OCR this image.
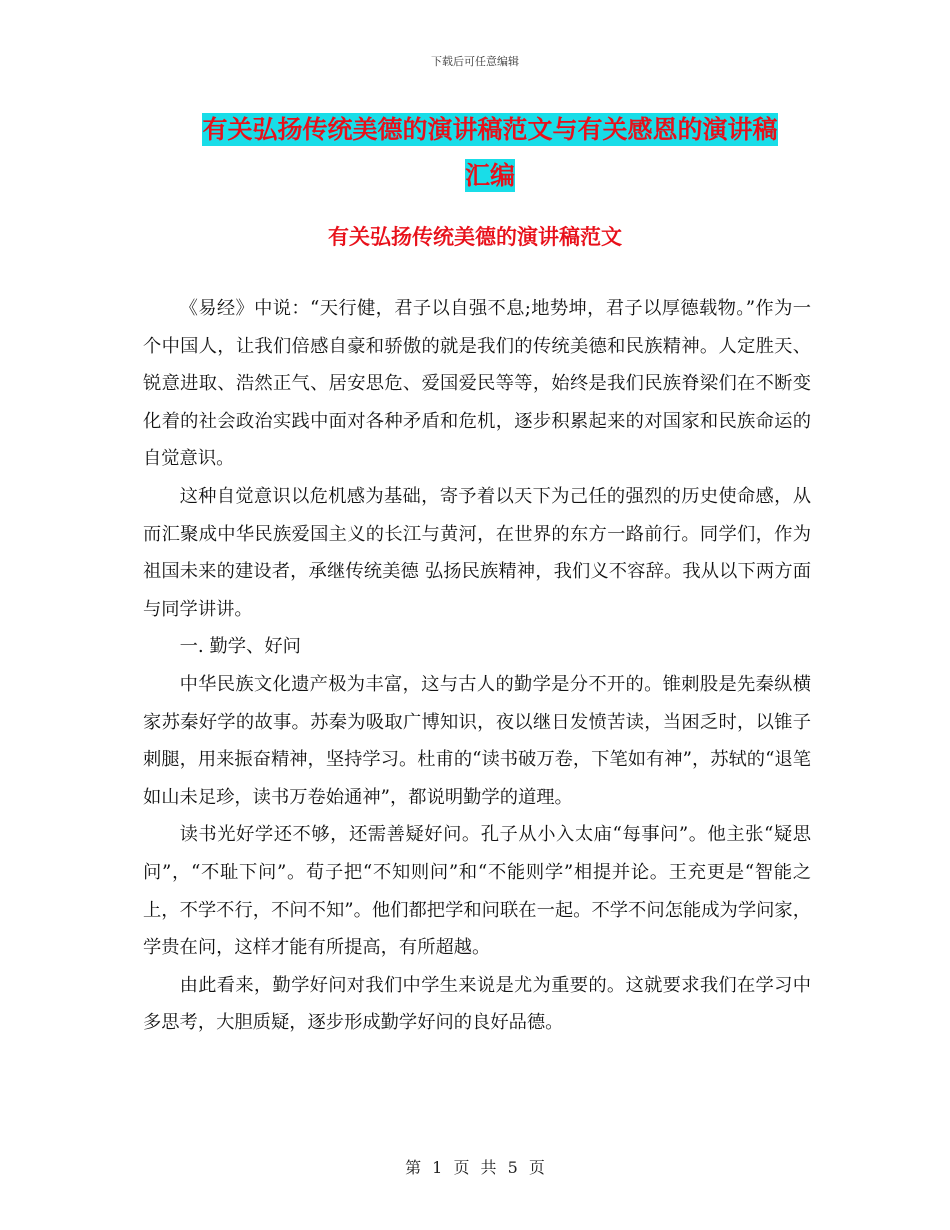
下载后可任意编辑
有关弘扬传统美德的演讲稿范文与有关感恩的演讲稿
汇编
有关弘扬传统美德的演讲稿范文

《易经》中说：“天行健，君子以自强不息;地势坤，君子以厚德载物。”作为一个中国人，让我们倍感自豪和骄傲的就是我们的传统美德和民族精神。人定胜天、锐意进取、浩然正气、居安思危、爱国爱民等等，始终是我们民族脊梁们在不断变化着的社会政治实践中面对各种矛盾和危机，逐步积累起来的对国家和民族命运的自觉意识。

这种自觉意识以危机感为基础，寄予着以天下为己任的强烈的历史使命感，从而汇聚成中华民族爱国主义的长江与黄河，在世界的东方一路前行。同学们，作为祖国未来的建设者，承继传统美德 弘扬民族精神，我们义不容辞。我从以下两方面与同学讲讲。

一. 勤学、好问

中华民族文化遗产极为丰富，这与古人的勤学是分不开的。锥刺股是先秦纵横家苏秦好学的故事。苏秦为吸取广博知识，夜以继日发愤苦读，当困乏时，以锥子刺腿，用来振奋精神，坚持学习。杜甫的“读书破万卷，下笔如有神”，苏轼的“退笔如山未足珍，读书万卷始通神”，都说明勤学的道理。

读书光好学还不够，还需善疑好问。孔子从小入太庙“每事问”。他主张“疑思问”，“不耻下问”。荀子把“不知则问”和“不能则学”相提并论。王充更是“智能之上，不学不行，不问不知”。他们都把学和问联在一起。不学不问怎能成为学问家，学贵在问，这样才能有所提高，有所超越。

由此看来，勤学好问对我们中学生来说是尤为重要的。这就要求我们在学习中多思考，大胆质疑，逐步形成勤学好问的良好品德。

第 1 页 共 5 页
